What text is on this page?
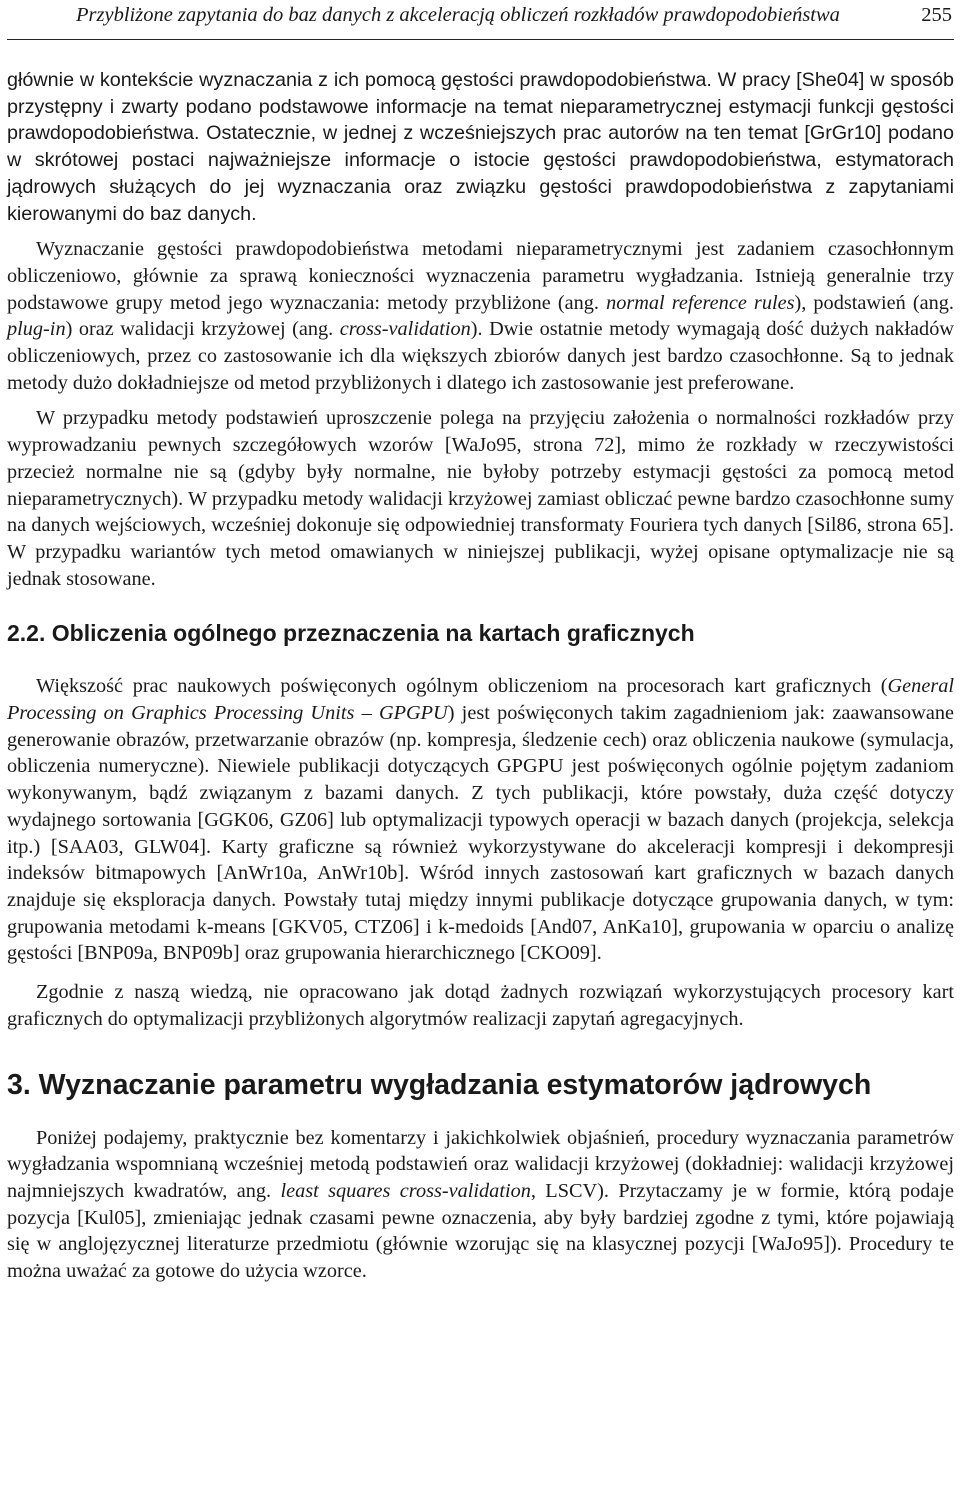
Przybliżone zapytania do baz danych z akceleracją obliczeń rozkładów prawdopodobieństwa	255

głównie w kontekście wyznaczania z ich pomocą gęstości prawdopodobieństwa. W pracy [She04] w sposób przystępny i zwarty podano podstawowe informacje na temat nieparametrycznej estymacji funkcji gęstości prawdopodobieństwa. Ostatecznie, w jednej z wcześniejszych prac autorów na ten temat [GrGr10] podano w skrótowej postaci najważniejsze informacje o istocie gęstości prawdopodobieństwa, estymatorach jądrowych służących do jej wyznaczania oraz związku gęstości prawdopodobieństwa z zapytaniami kierowanymi do baz danych.

Wyznaczanie gęstości prawdopodobieństwa metodami nieparametrycznymi jest zadaniem czasochłonnym obliczeniowo, głównie za sprawą konieczności wyznaczenia parametru wygładzania. Istnieją generalnie trzy podstawowe grupy metod jego wyznaczania: metody przybliżone (ang. normal reference rules), podstawień (ang. plug-in) oraz walidacji krzyżowej (ang. cross-validation). Dwie ostatnie metody wymagają dość dużych nakładów obliczeniowych, przez co zastosowanie ich dla większych zbiorów danych jest bardzo czasochłonne. Są to jednak metody dużo dokładniejsze od metod przybliżonych i dlatego ich zastosowanie jest preferowane.

W przypadku metody podstawień uproszczenie polega na przyjęciu założenia o normalności rozkładów przy wyprowadzaniu pewnych szczegółowych wzorów [WaJo95, strona 72], mimo że rozkłady w rzeczywistości przecież normalne nie są (gdyby były normalne, nie byłoby potrzeby estymacji gęstości za pomocą metod nieparametrycznych). W przypadku metody walidacji krzyżowej zamiast obliczać pewne bardzo czasochłonne sumy na danych wejściowych, wcześniej dokonuje się odpowiedniej transformaty Fouriera tych danych [Sil86, strona 65]. W przypadku wariantów tych metod omawianych w niniejszej publikacji, wyżej opisane optymalizacje nie są jednak stosowane.

2.2. Obliczenia ogólnego przeznaczenia na kartach graficznych

Większość prac naukowych poświęconych ogólnym obliczeniom na procesorach kart graficznych (General Processing on Graphics Processing Units – GPGPU) jest poświęconych takim zagadnieniom jak: zaawansowane generowanie obrazów, przetwarzanie obrazów (np. kompresja, śledzenie cech) oraz obliczenia naukowe (symulacja, obliczenia numeryczne). Niewiele publikacji dotyczących GPGPU jest poświęconych ogólnie pojętym zadaniom wykonywanym, bądź związanym z bazami danych. Z tych publikacji, które powstały, duża część dotyczy wydajnego sortowania [GGK06, GZ06] lub optymalizacji typowych operacji w bazach danych (projekcja, selekcja itp.) [SAA03, GLW04]. Karty graficzne są również wykorzystywane do akceleracji kompresji i dekompresji indeksów bitmapowych [AnWr10a, AnWr10b]. Wśród innych zastosowań kart graficznych w bazach danych znajduje się eksploracja danych. Powstały tutaj między innymi publikacje dotyczące grupowania danych, w tym: grupowania metodami k-means [GKV05, CTZ06] i k-medoids [And07, AnKa10], grupowania w oparciu o analizę gęstości [BNP09a, BNP09b] oraz grupowania hierarchicznego [CKO09].

Zgodnie z naszą wiedzą, nie opracowano jak dotąd żadnych rozwiązań wykorzystujących procesory kart graficznych do optymalizacji przybliżonych algorytmów realizacji zapytań agregacyjnych.

3. Wyznaczanie parametru wygładzania estymatorów jądrowych

Poniżej podajemy, praktycznie bez komentarzy i jakichkolwiek objaśnień, procedury wyznaczania parametrów wygładzania wspomnianą wcześniej metodą podstawień oraz walidacji krzyżowej (dokładniej: walidacji krzyżowej najmniejszych kwadratów, ang. least squares cross-validation, LSCV). Przytaczamy je w formie, którą podaje pozycja [Kul05], zmieniając jednak czasami pewne oznaczenia, aby były bardziej zgodne z tymi, które pojawiają się w anglojęzycznej literaturze przedmiotu (głównie wzorując się na klasycznej pozycji [WaJo95]). Procedury te można uważać za gotowe do użycia wzorce.
